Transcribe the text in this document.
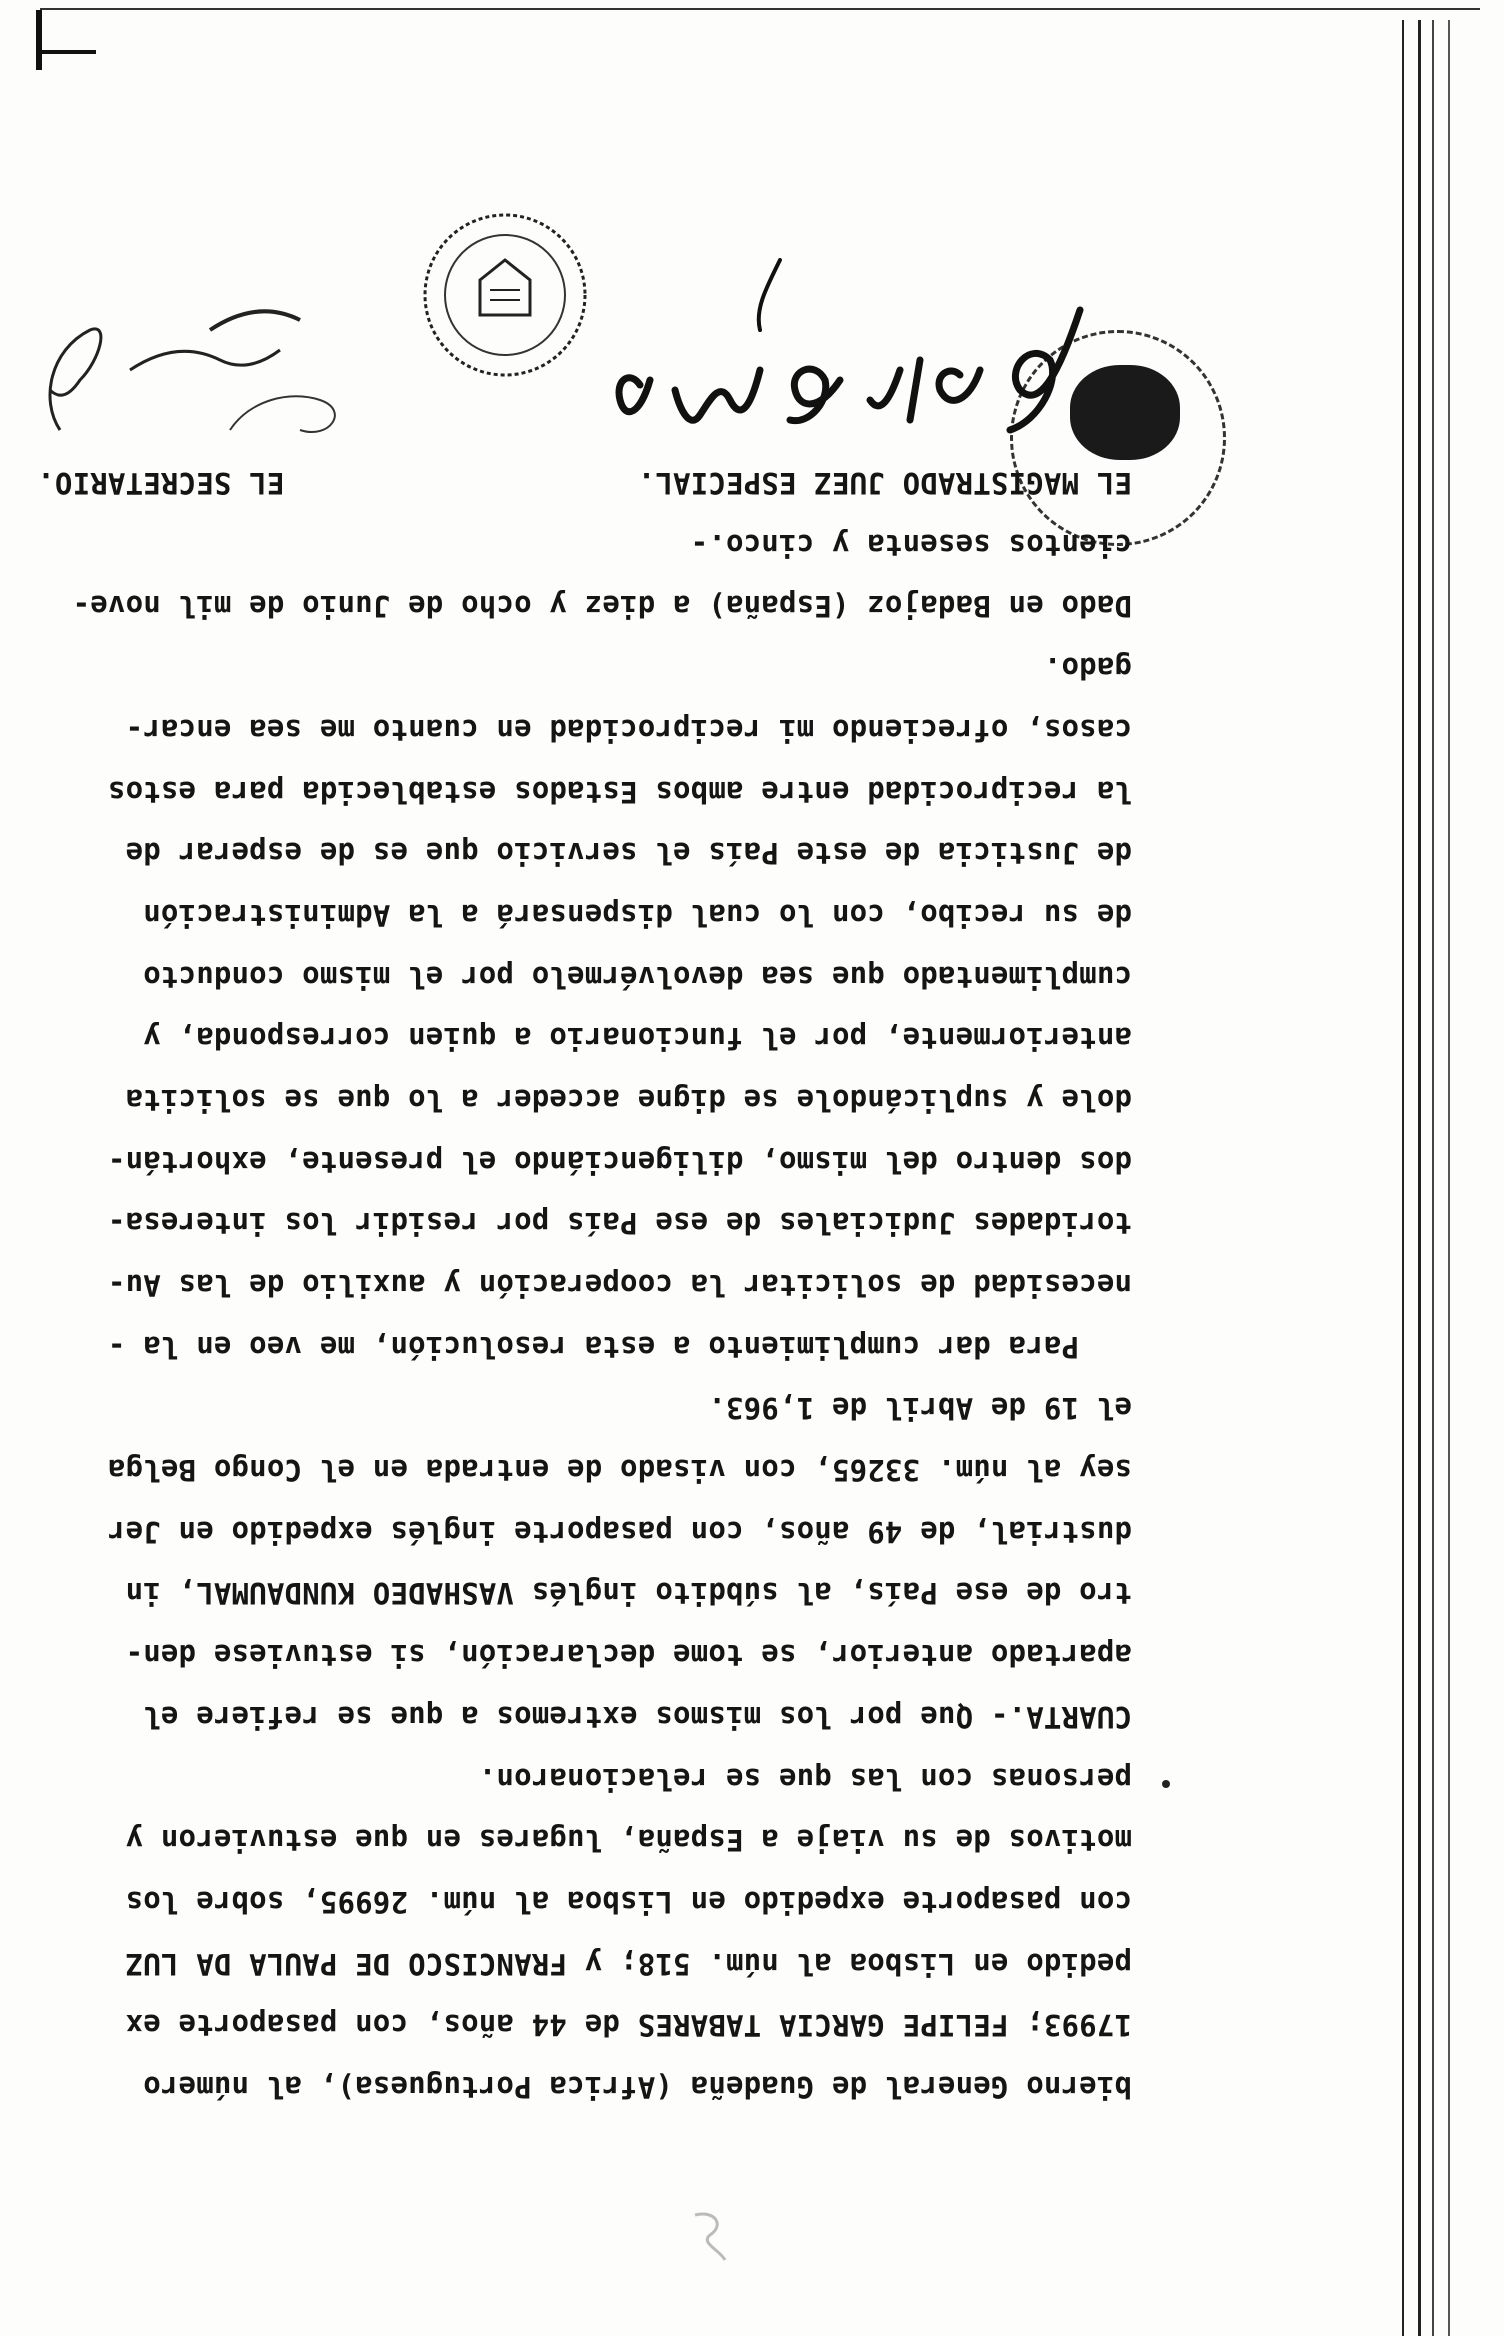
bierno General de Guadeña (Africa Portuguesa), al número
17993; FELIPE GARCIA TABARES de 44 años, con pasaporte ex
pedido en Lisboa al núm. 518; y FRANCISCO DE PAULA DA LUZ
con pasaporte expedido en Lisboa al núm. 26995, sobre los
motivos de su viaje a España, lugares en que estuvieron y
personas con las que se relacionaron.
CUARTA.- Que por los mismos extremos a que se refiere el
apartado anterior, se tome declaración, si estuviese den-
tro de ese País, al súbdito inglés VASHADEO KUNDAUMAL, in
dustrial, de 49 años, con pasaporte inglés expedido en Jer
sey al núm. 33265, con visado de entrada en el Congo Belga
el 19 de Abril de 1,963.
Para dar cumplimiento a esta resolución, me veo en la -
necesidad de solicitar la cooperación y auxilio de las Au-
toridades Judiciales de ese País por residir los interesa-
dos dentro del mismo, diligenciándo el presente, exhortán-
dole y suplicándole se digne acceder a lo que se solicita
anteriormente, por el funcionario a quien corresponda, y
cumplimentado que sea devolvérmelo por el mismo conducto
de su recibo, con lo cual dispensará a la Administración
de Justicia de este País el servicio que es de esperar de
la reciprocidad entre ambos Estados establecida para estos
casos, ofreciendo mi reciprocidad en cuanto me sea encar-
gado.
Dado en Badajoz (España) a diez y ocho de Junio de mil nove-
cientos sesenta y cinco.-
EL MAGISTRADO JUEZ ESPECIAL.                    EL SECRETARIO.
